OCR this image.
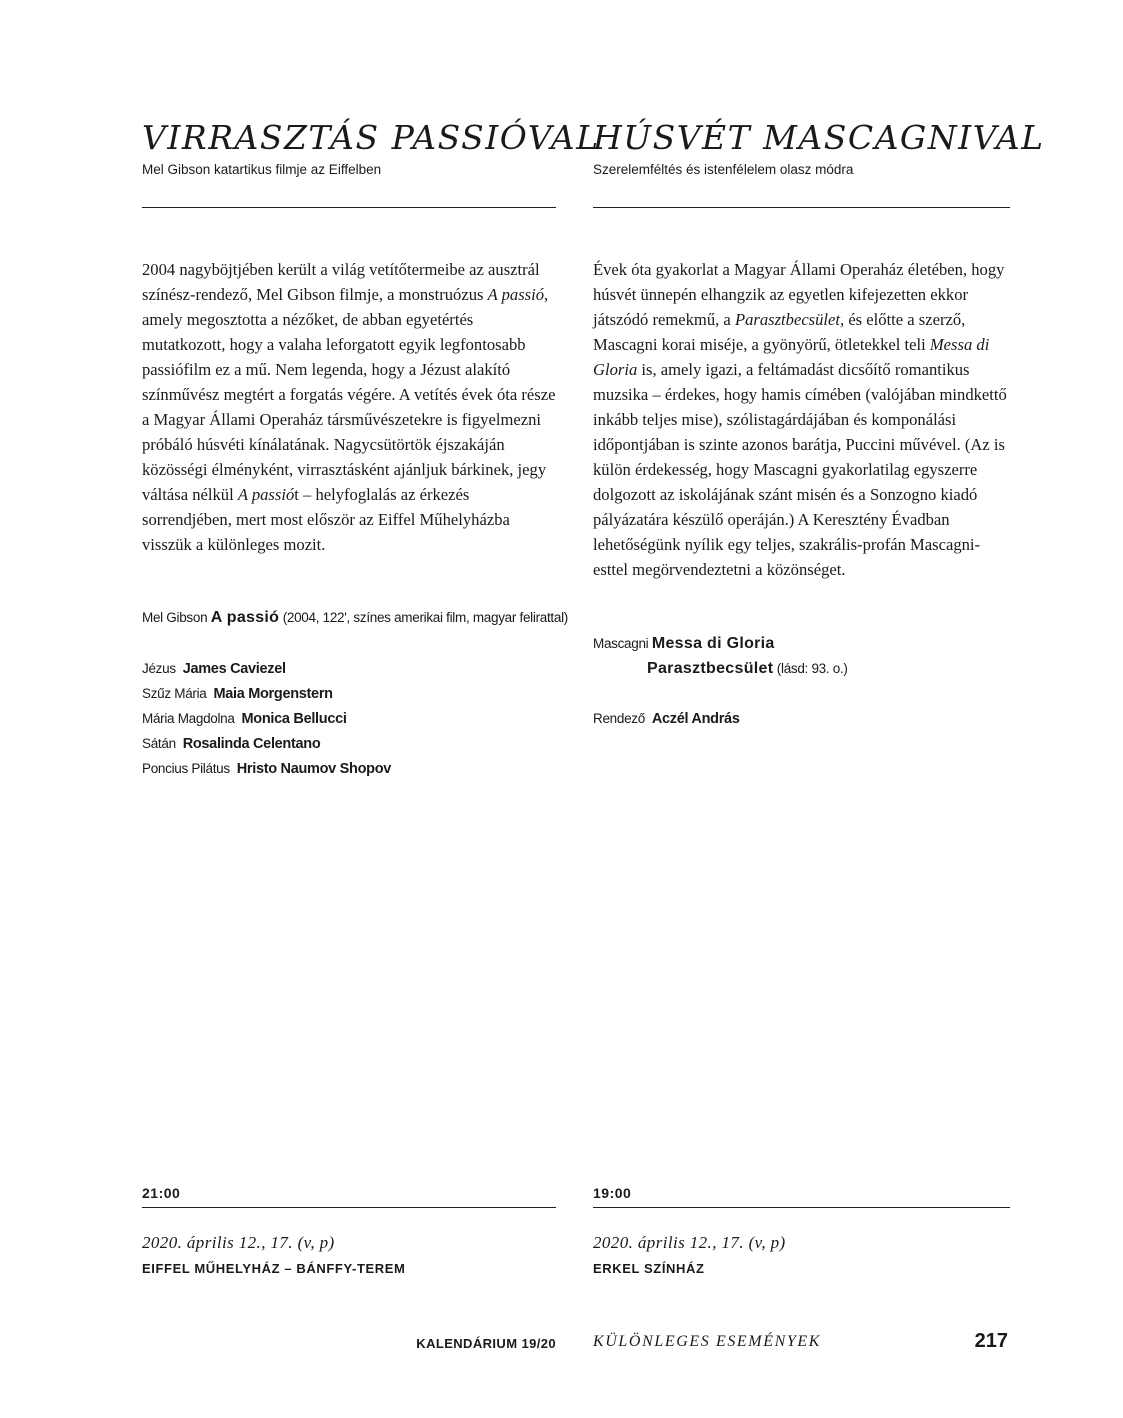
VIRRASZTÁS PASSIÓVAL

Mel Gibson katartikus filmje az Eiffelben

2004 nagyböjtjében került a világ vetítőtermeibe az ausztrál színész-rendező, Mel Gibson filmje, a monstruózus A passió, amely megosztotta a nézőket, de abban egyetértés mutatkozott, hogy a valaha leforgatott egyik legfontosabb passiófilm ez a mű. Nem legenda, hogy a Jézust alakító színművész megtért a forgatás végére. A vetítés évek óta része a Magyar Állami Operaház társművészetekre is figyelmezni próbáló húsvéti kínálatának. Nagycsütörtök éjszakáján közösségi élményként, virrasztásként ajánljuk bárkinek, jegy váltása nélkül A passiót – helyfoglalás az érkezés sorrendjében, mert most először az Eiffel Műhelyházba visszük a különleges mozit.

Mel Gibson A passió (2004, 122', színes amerikai film, magyar felirattal)
Jézus James Caviezel
Szűz Mária Maia Morgenstern
Mária Magdolna Monica Bellucci
Sátán Rosalinda Celentano
Poncius Pilátus Hristo Naumov Shopov
21:00
2020. április 12., 17. (v, p)
EIFFEL MŰHELYHÁZ – BÁNFFY-TEREM
HÚSVÉT MASCAGNIVAL

Szerelemféltés és istenfélelem olasz módra

Évek óta gyakorlat a Magyar Állami Operaház életében, hogy húsvét ünnepén elhangzik az egyetlen kifejezetten ekkor játszódó remekmű, a Parasztbecsület, és előtte a szerző, Mascagni korai miséje, a gyönyörű, ötletekkel teli Messa di Gloria is, amely igazi, a feltámadást dicsőítő romantikus muzsika – érdekes, hogy hamis címében (valójában mindkettő inkább teljes mise), szólistagárdájában és komponálási időpontjában is szinte azonos barátja, Puccini művével. (Az is külön érdekesség, hogy Mascagni gyakorlatilag egyszerre dolgozott az iskolájának szánt misén és a Sonzogno kiadó pályázatára készülő operáján.) A Keresztény Évadban lehetőségünk nyílik egy teljes, szakrális-profán Mascagni-esttel megörvendeztetni a közönséget.

Mascagni Messa di Gloria
Parasztbecsület (lásd: 93. o.)
Rendező Aczél András
19:00
2020. április 12., 17. (v, p)
ERKEL SZÍNHÁZ
KALENDÁRIUM 19/20 KÜLÖNLEGES ESEMÉNYEK	217
